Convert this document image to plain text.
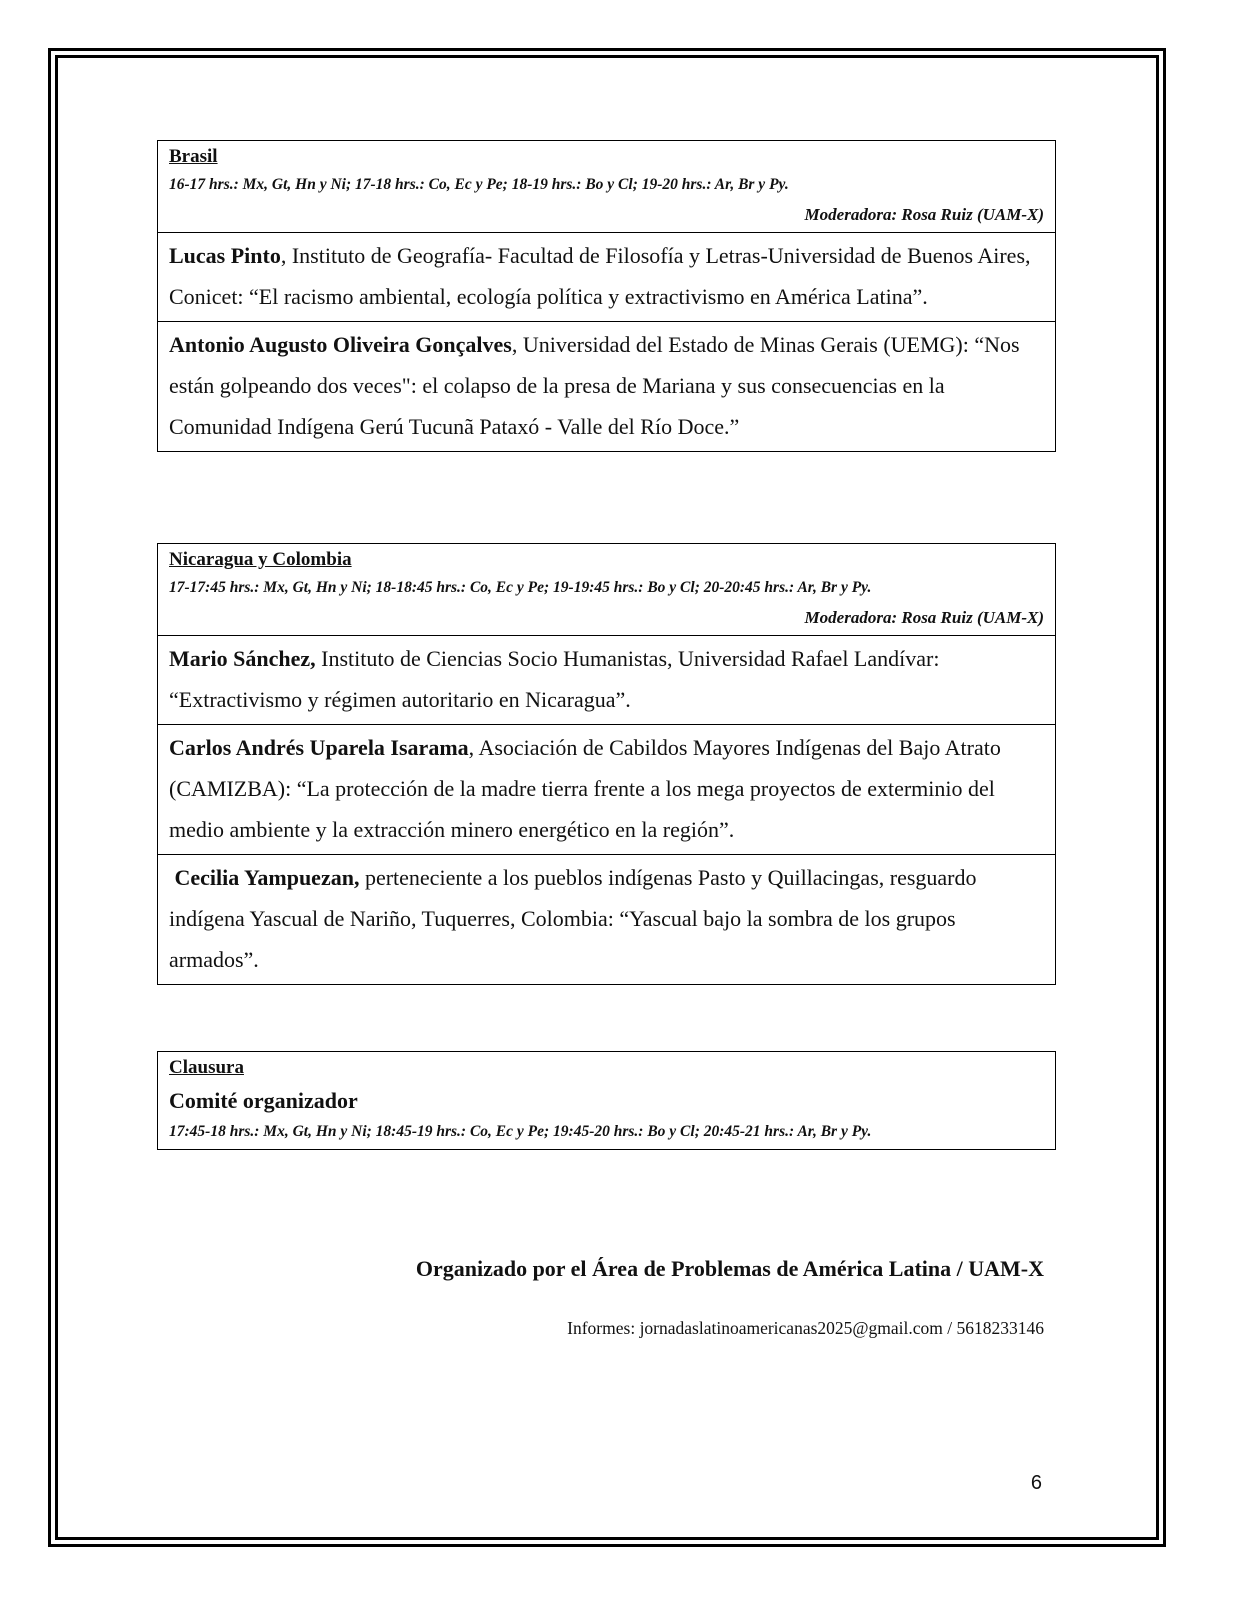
Brasil
16-17 hrs.: Mx, Gt, Hn y Ni; 17-18 hrs.: Co, Ec y Pe; 18-19 hrs.: Bo y Cl; 19-20 hrs.: Ar, Br y Py.
Moderadora: Rosa Ruiz (UAM-X)
Lucas Pinto, Instituto de Geografía- Facultad de Filosofía y Letras-Universidad de Buenos Aires, Conicet: “El racismo ambiental, ecología política y extractivismo en América Latina”.
Antonio Augusto Oliveira Gonçalves, Universidad del Estado de Minas Gerais (UEMG): “Nos están golpeando dos veces": el colapso de la presa de Mariana y sus consecuencias en la Comunidad Indígena Gerú Tucunã Pataxó - Valle del Río Doce.”
Nicaragua y Colombia
17-17:45 hrs.: Mx, Gt, Hn y Ni; 18-18:45 hrs.: Co, Ec y Pe; 19-19:45 hrs.: Bo y Cl; 20-20:45 hrs.: Ar, Br y Py.
Moderadora: Rosa Ruiz (UAM-X)
Mario Sánchez, Instituto de Ciencias Socio Humanistas, Universidad Rafael Landívar: “Extractivismo y régimen autoritario en Nicaragua”.
Carlos Andrés Uparela Isarama, Asociación de Cabildos Mayores Indígenas del Bajo Atrato (CAMIZBA): “La protección de la madre tierra frente a los mega proyectos de exterminio del medio ambiente y la extracción minero energético en la región”.
Cecilia Yampuezan, perteneciente a los pueblos indígenas Pasto y Quillacingas, resguardo indígena Yascual de Nariño, Tuquerres, Colombia: “Yascual bajo la sombra de los grupos armados”.
Clausura
Comité organizador
17:45-18 hrs.: Mx, Gt, Hn y Ni; 18:45-19 hrs.: Co, Ec y Pe; 19:45-20 hrs.: Bo y Cl; 20:45-21 hrs.: Ar, Br y Py.
Organizado por el Área de Problemas de América Latina / UAM-X
Informes: jornadaslatinoamericanas2025@gmail.com / 5618233146
6
